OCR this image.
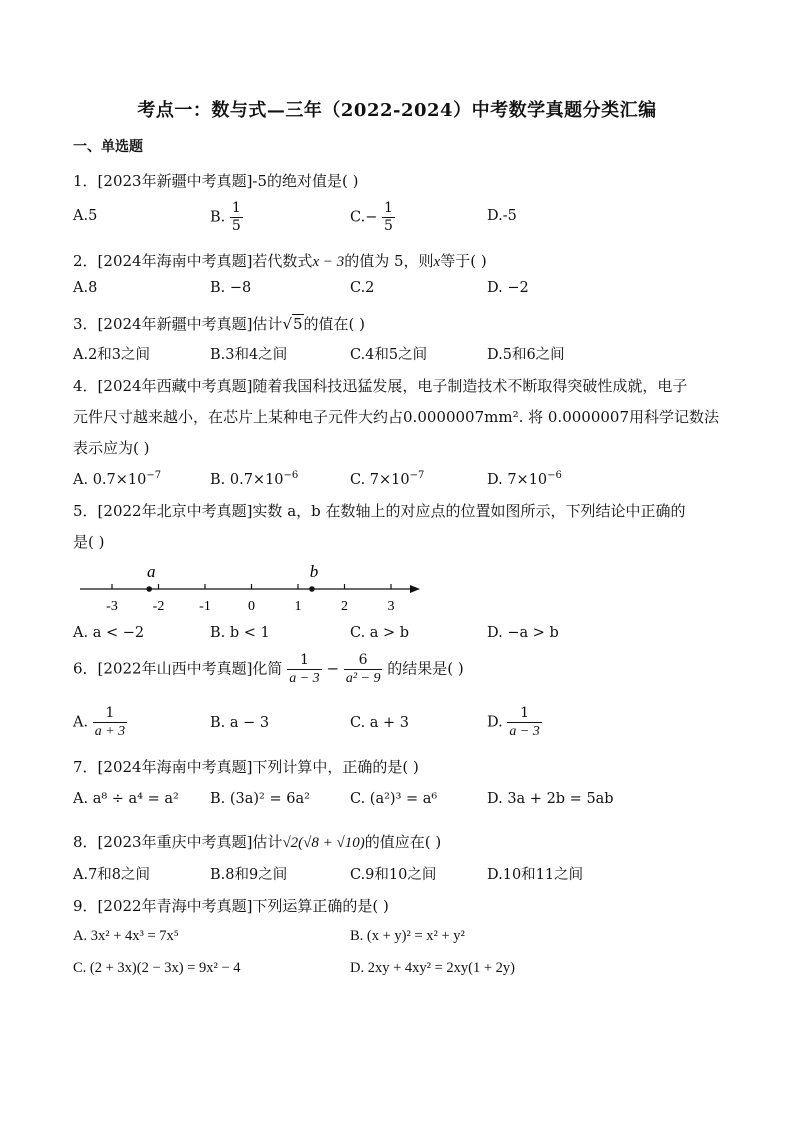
考点一：数与式—三年（2022-2024）中考数学真题分类汇编
一、单选题
1．[2023年新疆中考真题]-5的绝对值是( )
A.5	B. $\frac{1}{5}$	$C.- \frac{1}{5}$	D.-5
2．[2024年海南中考真题]若代数式x − 3的值为 5，则x等于( )
A.8	B. −8	C.2	D. −2
3．[2024年新疆中考真题]估计√5的值在( )
A.2和3之间	B.3和4之间	C.4和5之间	D.5和6之间
4．[2024年西藏中考真题]随着我国科技迅猛发展，电子制造技术不断取得突破性成就，电子
元件尺寸越来越小，在芯片上某种电子元件大约占0.0000007mm². 将 0.0000007用科学记数法
表示应为( )
A. $0.7\times 10^{-7}$	B. $0.7\times 10^{-6}$	C. $7\times 10^{-7}$	D. $7\times 10^{-6}$
5．[2022年北京中考真题]实数 a，b 在数轴上的对应点的位置如图所示，下列结论中正确的
是( )
-3 -2 -1	0	1	2	3
a	b
A. a < −2	B. b < 1	C. a > b	D. −a > b
6．[2022年山西中考真题]化简 $\frac{1}{a - 3} - \frac{6}{\text{a² − 9}}$ 的结果是( )
A. $\frac{1}{a + 3}$	B. a − 3	C. a + 3	D. $\frac{1}{a - 3}$
7．[2024年海南中考真题]下列计算中，正确的是( )
A. a⁸ ÷ a⁴ = a² B. (3a)² = 6a²	C. (a²)³ = a⁶	D. 3a + 2b = 5ab
8．[2023年重庆中考真题]估计√2(√8 + √10)的值应在( )
A.7和8之间	B.8和9之间	C.9和10之间	D.10和11之间
9．[2022年青海中考真题]下列运算正确的是( )
A. 3x² + 4x³ = 7x⁵	B. (x + y)² = x² + y²
C. (2 + 3x)(2 − 3x) = 9x² − 4	D. 2xy + 4xy² = 2xy(1 + 2y)
